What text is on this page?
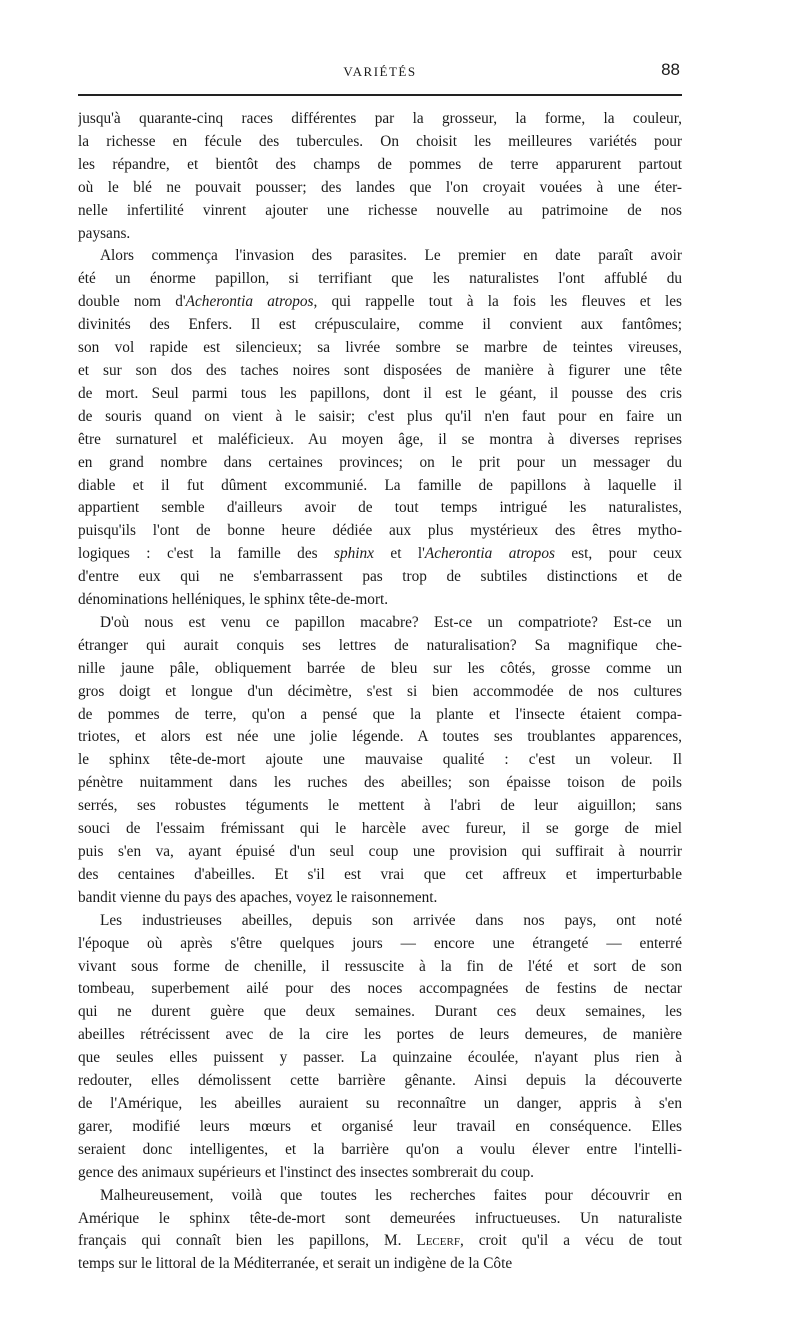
VARIÉTÉS	88
jusqu'à quarante-cinq races différentes par la grosseur, la forme, la couleur,
la richesse en fécule des tubercules. On choisit les meilleures variétés pour
les répandre, et bientôt des champs de pommes de terre apparurent partout
où le blé ne pouvait pousser; des landes que l'on croyait vouées à une éter-
nelle infertilité vinrent ajouter une richesse nouvelle au patrimoine de nos
paysans.
Alors commença l'invasion des parasites. Le premier en date paraît avoir
été un énorme papillon, si terrifiant que les naturalistes l'ont affublé du
double nom d'Acherontia atropos, qui rappelle tout à la fois les fleuves et les
divinités des Enfers. Il est crépusculaire, comme il convient aux fantômes;
son vol rapide est silencieux; sa livrée sombre se marbre de teintes vireuses,
et sur son dos des taches noires sont disposées de manière à figurer une tête
de mort. Seul parmi tous les papillons, dont il est le géant, il pousse des cris
de souris quand on vient à le saisir; c'est plus qu'il n'en faut pour en faire un
être surnaturel et maléficieux. Au moyen âge, il se montra à diverses reprises
en grand nombre dans certaines provinces; on le prit pour un messager du
diable et il fut dûment excommunié. La famille de papillons à laquelle il
appartient semble d'ailleurs avoir de tout temps intrigué les naturalistes,
puisqu'ils l'ont de bonne heure dédiée aux plus mystérieux des êtres mytho-
logiques : c'est la famille des sphinx et l'Acherontia atropos est, pour ceux
d'entre eux qui ne s'embarrassent pas trop de subtiles distinctions et de
dénominations helléniques, le sphinx tête-de-mort.
D'où nous est venu ce papillon macabre? Est-ce un compatriote? Est-ce un
étranger qui aurait conquis ses lettres de naturalisation? Sa magnifique che-
nille jaune pâle, obliquement barrée de bleu sur les côtés, grosse comme un
gros doigt et longue d'un décimètre, s'est si bien accommodée de nos cultures
de pommes de terre, qu'on a pensé que la plante et l'insecte étaient compa-
triotes, et alors est née une jolie légende. A toutes ses troublantes apparences,
le sphinx tête-de-mort ajoute une mauvaise qualité : c'est un voleur. Il
pénètre nuitamment dans les ruches des abeilles; son épaisse toison de poils
serrés, ses robustes téguments le mettent à l'abri de leur aiguillon; sans
souci de l'essaim frémissant qui le harcèle avec fureur, il se gorge de miel
puis s'en va, ayant épuisé d'un seul coup une provision qui suffirait à nourrir
des centaines d'abeilles. Et s'il est vrai que cet affreux et imperturbable
bandit vienne du pays des apaches, voyez le raisonnement.
Les industrieuses abeilles, depuis son arrivée dans nos pays, ont noté
l'époque où après s'être quelques jours — encore une étrangeté — enterré
vivant sous forme de chenille, il ressuscite à la fin de l'été et sort de son
tombeau, superbement ailé pour des noces accompagnées de festins de nectar
qui ne durent guère que deux semaines. Durant ces deux semaines, les
abeilles rétrécissent avec de la cire les portes de leurs demeures, de manière
que seules elles puissent y passer. La quinzaine écoulée, n'ayant plus rien à
redouter, elles démolissent cette barrière gênante. Ainsi depuis la découverte
de l'Amérique, les abeilles auraient su reconnaître un danger, appris à s'en
garer, modifié leurs mœurs et organisé leur travail en conséquence. Elles
seraient donc intelligentes, et la barrière qu'on a voulu élever entre l'intelli-
gence des animaux supérieurs et l'instinct des insectes sombrerait du coup.
Malheureusement, voilà que toutes les recherches faites pour découvrir en
Amérique le sphinx tête-de-mort sont demeurées infructueuses. Un naturaliste
français qui connaît bien les papillons, M. Lecerf, croit qu'il a vécu de tout
temps sur le littoral de la Méditerranée, et serait un indigène de la Côte
